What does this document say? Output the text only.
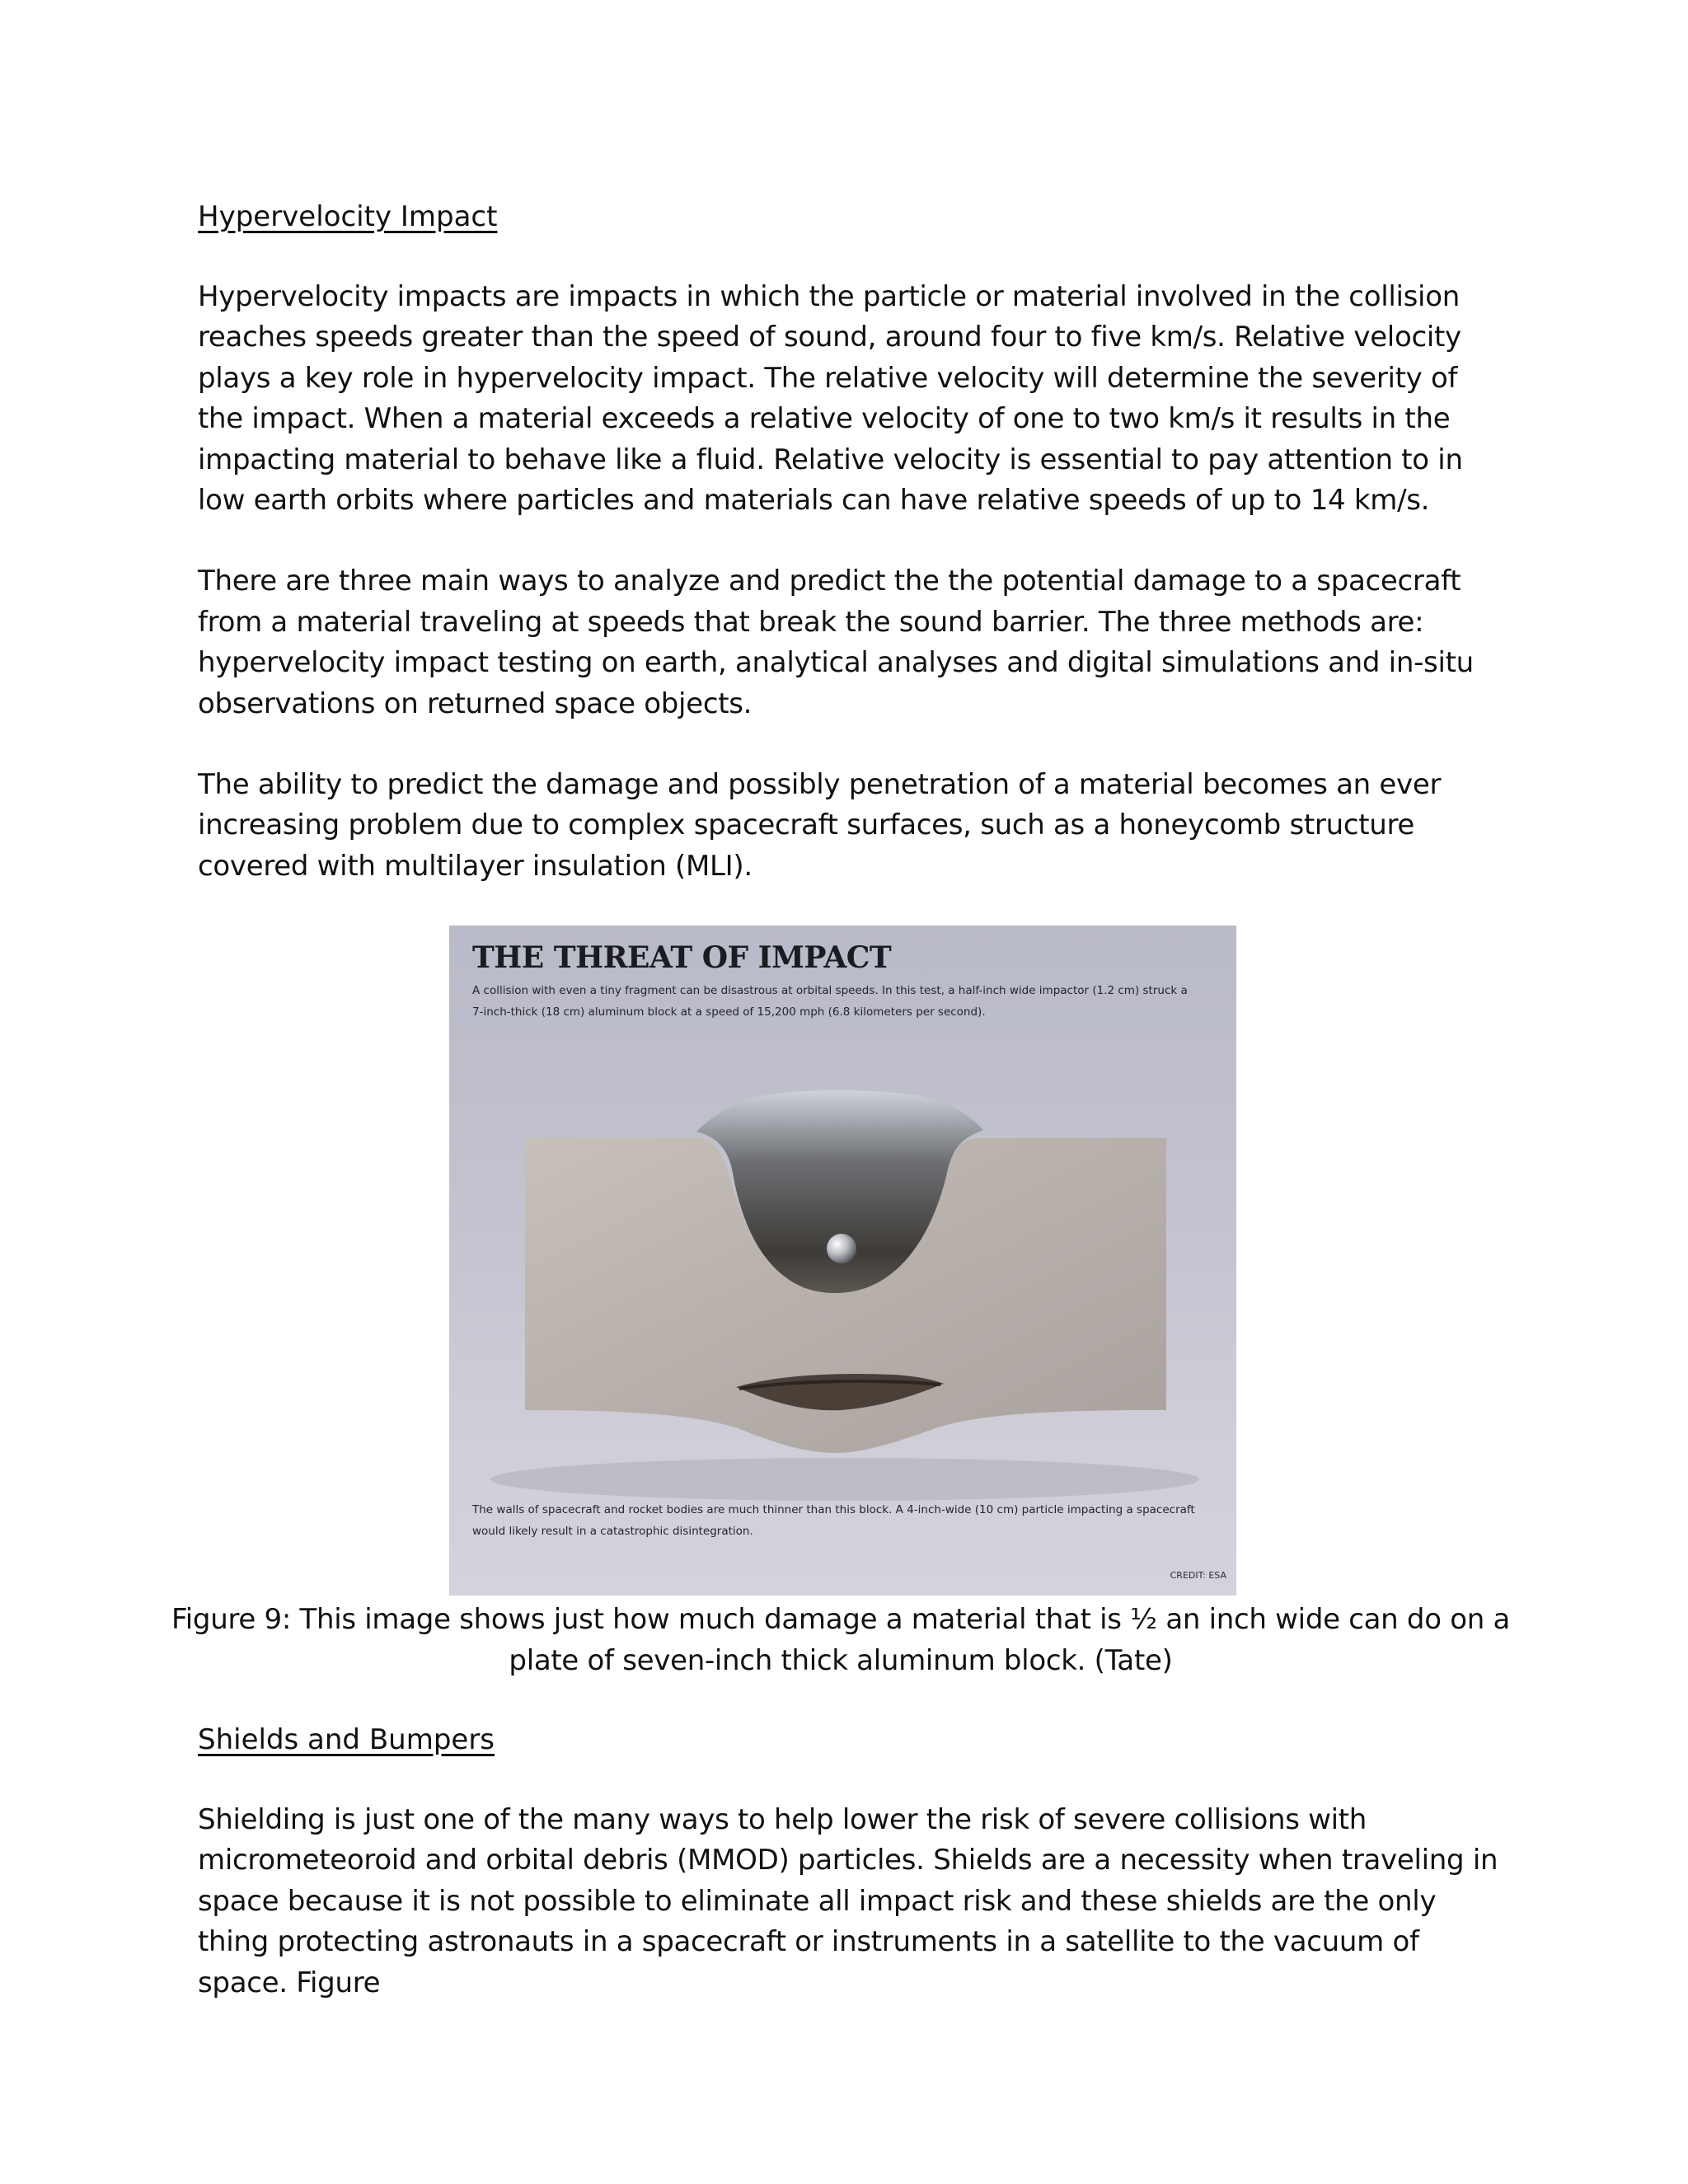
Hypervelocity Impact

Hypervelocity impacts are impacts in which the particle or material involved in the collision reaches speeds greater than the speed of sound, around four to five km/s. Relative velocity plays a key role in hypervelocity impact. The relative velocity will determine the severity of the impact. When a material exceeds a relative velocity of one to two km/s it results in the impacting material to behave like a fluid. Relative velocity is essential to pay attention to in low earth orbits where particles and materials can have relative speeds of up to 14 km/s.

There are three main ways to analyze and predict the the potential damage to a spacecraft from a material traveling at speeds that break the sound barrier. The three methods are: hypervelocity impact testing on earth, analytical analyses and digital simulations and in-situ observations on returned space objects.

The ability to predict the damage and possibly penetration of a material becomes an ever increasing problem due to complex spacecraft surfaces, such as a honeycomb structure covered with multilayer insulation (MLI).

THE THREAT OF IMPACT
A collision with even a tiny fragment can be disastrous at orbital speeds. In this test, a half-inch wide impactor (1.2 cm) struck a 7-inch-thick (18 cm) aluminum block at a speed of 15,200 mph (6.8 kilometers per second).
The walls of spacecraft and rocket bodies are much thinner than this block. A 4-inch-wide (10 cm) particle impacting a spacecraft would likely result in a catastrophic disintegration.
CREDIT: ESA
Figure 9: This image shows just how much damage a material that is ½ an inch wide can do on a plate of seven-inch thick aluminum block. (Tate)

Shields and Bumpers

Shielding is just one of the many ways to help lower the risk of severe collisions with micrometeoroid and orbital debris (MMOD) particles. Shields are a necessity when traveling in space because it is not possible to eliminate all impact risk and these shields are the only thing protecting astronauts in a spacecraft or instruments in a satellite to the vacuum of space. Figure
